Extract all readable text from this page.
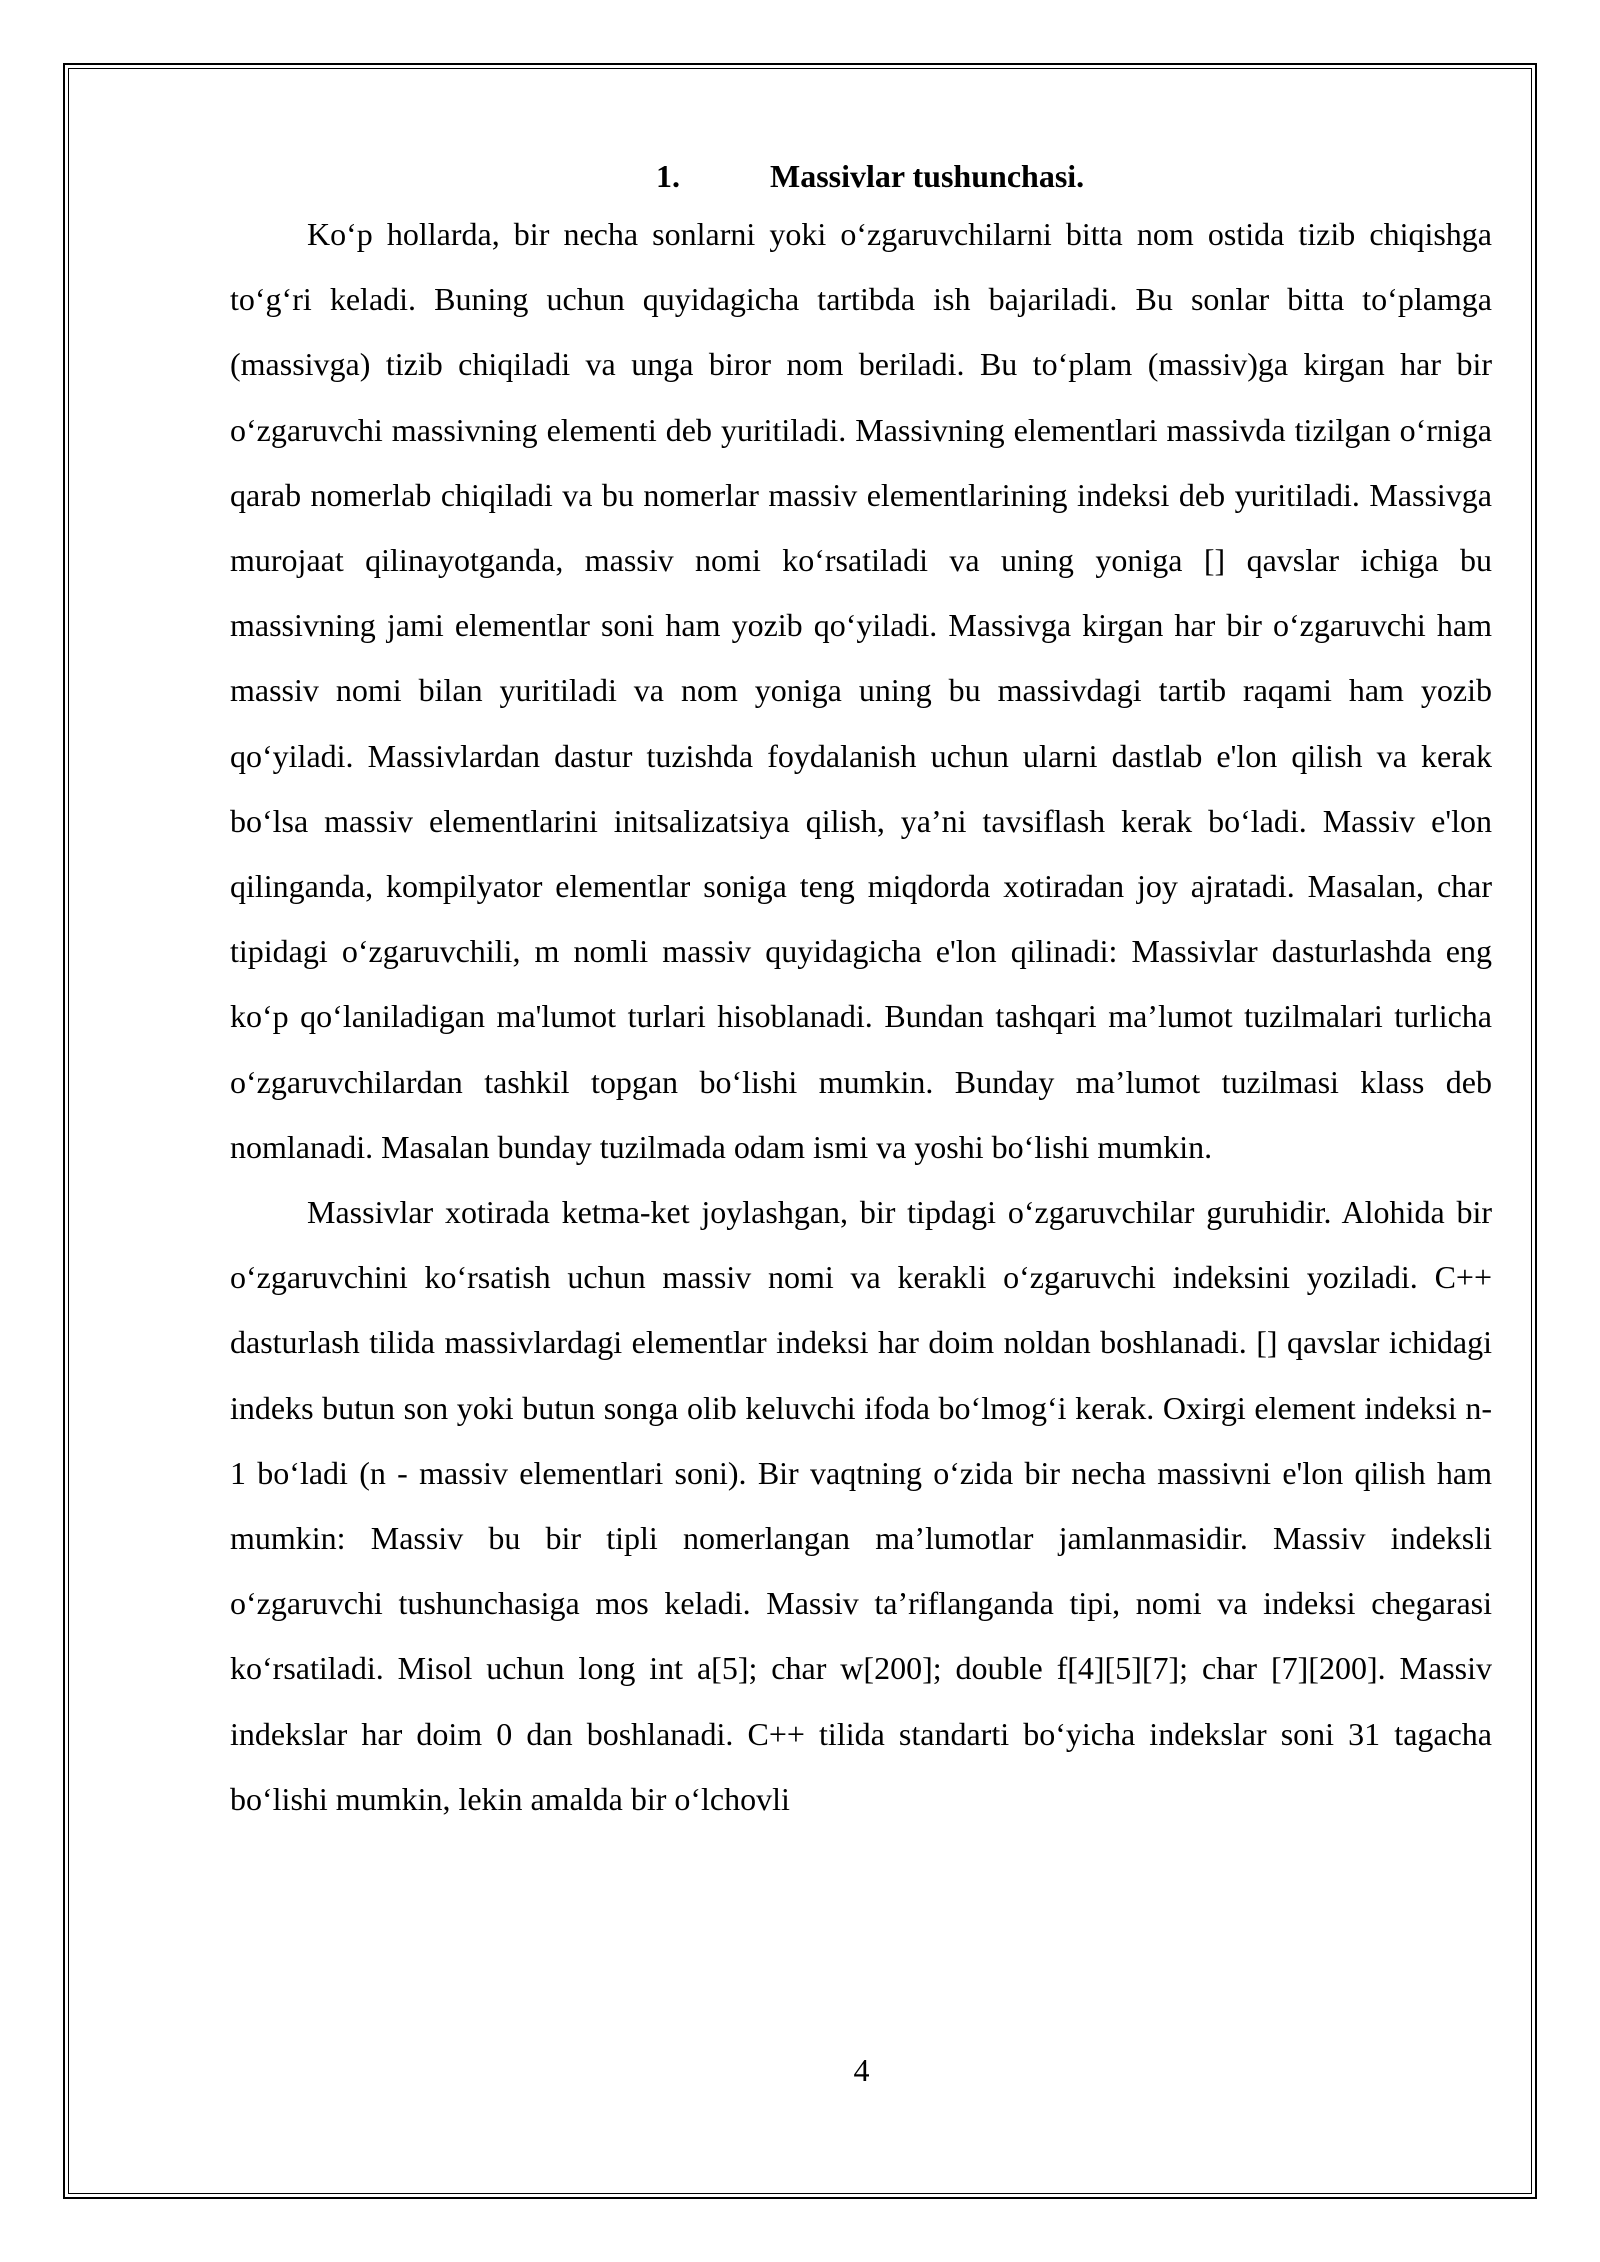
1.	Massivlar tushunchasi.

Ko‘p hollarda, bir necha sonlarni yoki o‘zgaruvchilarni bitta nom ostida tizib chiqishga to‘g‘ri keladi. Buning uchun quyidagicha tartibda ish bajariladi. Bu sonlar bitta to‘plamga (massivga) tizib chiqiladi va unga biror nom beriladi. Bu to‘plam (massiv)ga kirgan har bir o‘zgaruvchi massivning elementi deb yuritiladi. Massivning elementlari massivda tizilgan o‘rniga qarab nomerlab chiqiladi va bu nomerlar massiv elementlarining indeksi deb yuritiladi. Massivga murojaat qilinayotganda, massiv nomi ko‘rsatiladi va uning yoniga [] qavslar ichiga bu massivning jami elementlar soni ham yozib qo‘yiladi. Massivga kirgan har bir o‘zgaruvchi ham massiv nomi bilan yuritiladi va nom yoniga uning bu massivdagi tartib raqami ham yozib qo‘yiladi. Massivlardan dastur tuzishda foydalanish uchun ularni dastlab e'lon qilish va kerak bo‘lsa massiv elementlarini initsalizatsiya qilish, ya’ni tavsiflash kerak bo‘ladi. Massiv e'lon qilinganda, kompilyator elementlar soniga teng miqdorda xotiradan joy ajratadi. Masalan, char tipidagi o‘zgaruvchili, m nomli massiv quyidagicha e'lon qilinadi: Massivlar dasturlashda eng ko‘p qo‘laniladigan ma'lumot turlari hisoblanadi. Bundan tashqari ma’lumot tuzilmalari turlicha o‘zgaruvchilardan tashkil topgan bo‘lishi mumkin. Bunday ma’lumot tuzilmasi klass deb nomlanadi. Masalan bunday tuzilmada odam ismi va yoshi bo‘lishi mumkin.

Massivlar xotirada ketma-ket joylashgan, bir tipdagi o‘zgaruvchilar guruhidir. Alohida bir o‘zgaruvchini ko‘rsatish uchun massiv nomi va kerakli o‘zgaruvchi indeksini yoziladi. C++ dasturlash tilida massivlardagi elementlar indeksi har doim noldan boshlanadi. [] qavslar ichidagi indeks butun son yoki butun songa olib keluvchi ifoda bo‘lmog‘i kerak. Oxirgi element indeksi n-1 bo‘ladi (n - massiv elementlari soni). Bir vaqtning o‘zida bir necha massivni e'lon qilish ham mumkin: Massiv bu bir tipli nomerlangan ma’lumotlar jamlanmasidir. Massiv indeksli o‘zgaruvchi tushunchasiga mos keladi. Massiv ta’riflanganda tipi, nomi va indeksi chegarasi ko‘rsatiladi. Misol uchun long int a[5]; char w[200]; double f[4][5][7]; char [7][200]. Massiv indekslar har doim 0 dan boshlanadi. C++ tilida standarti bo‘yicha indekslar soni 31 tagacha bo‘lishi mumkin, lekin amalda bir o‘lchovli

4
